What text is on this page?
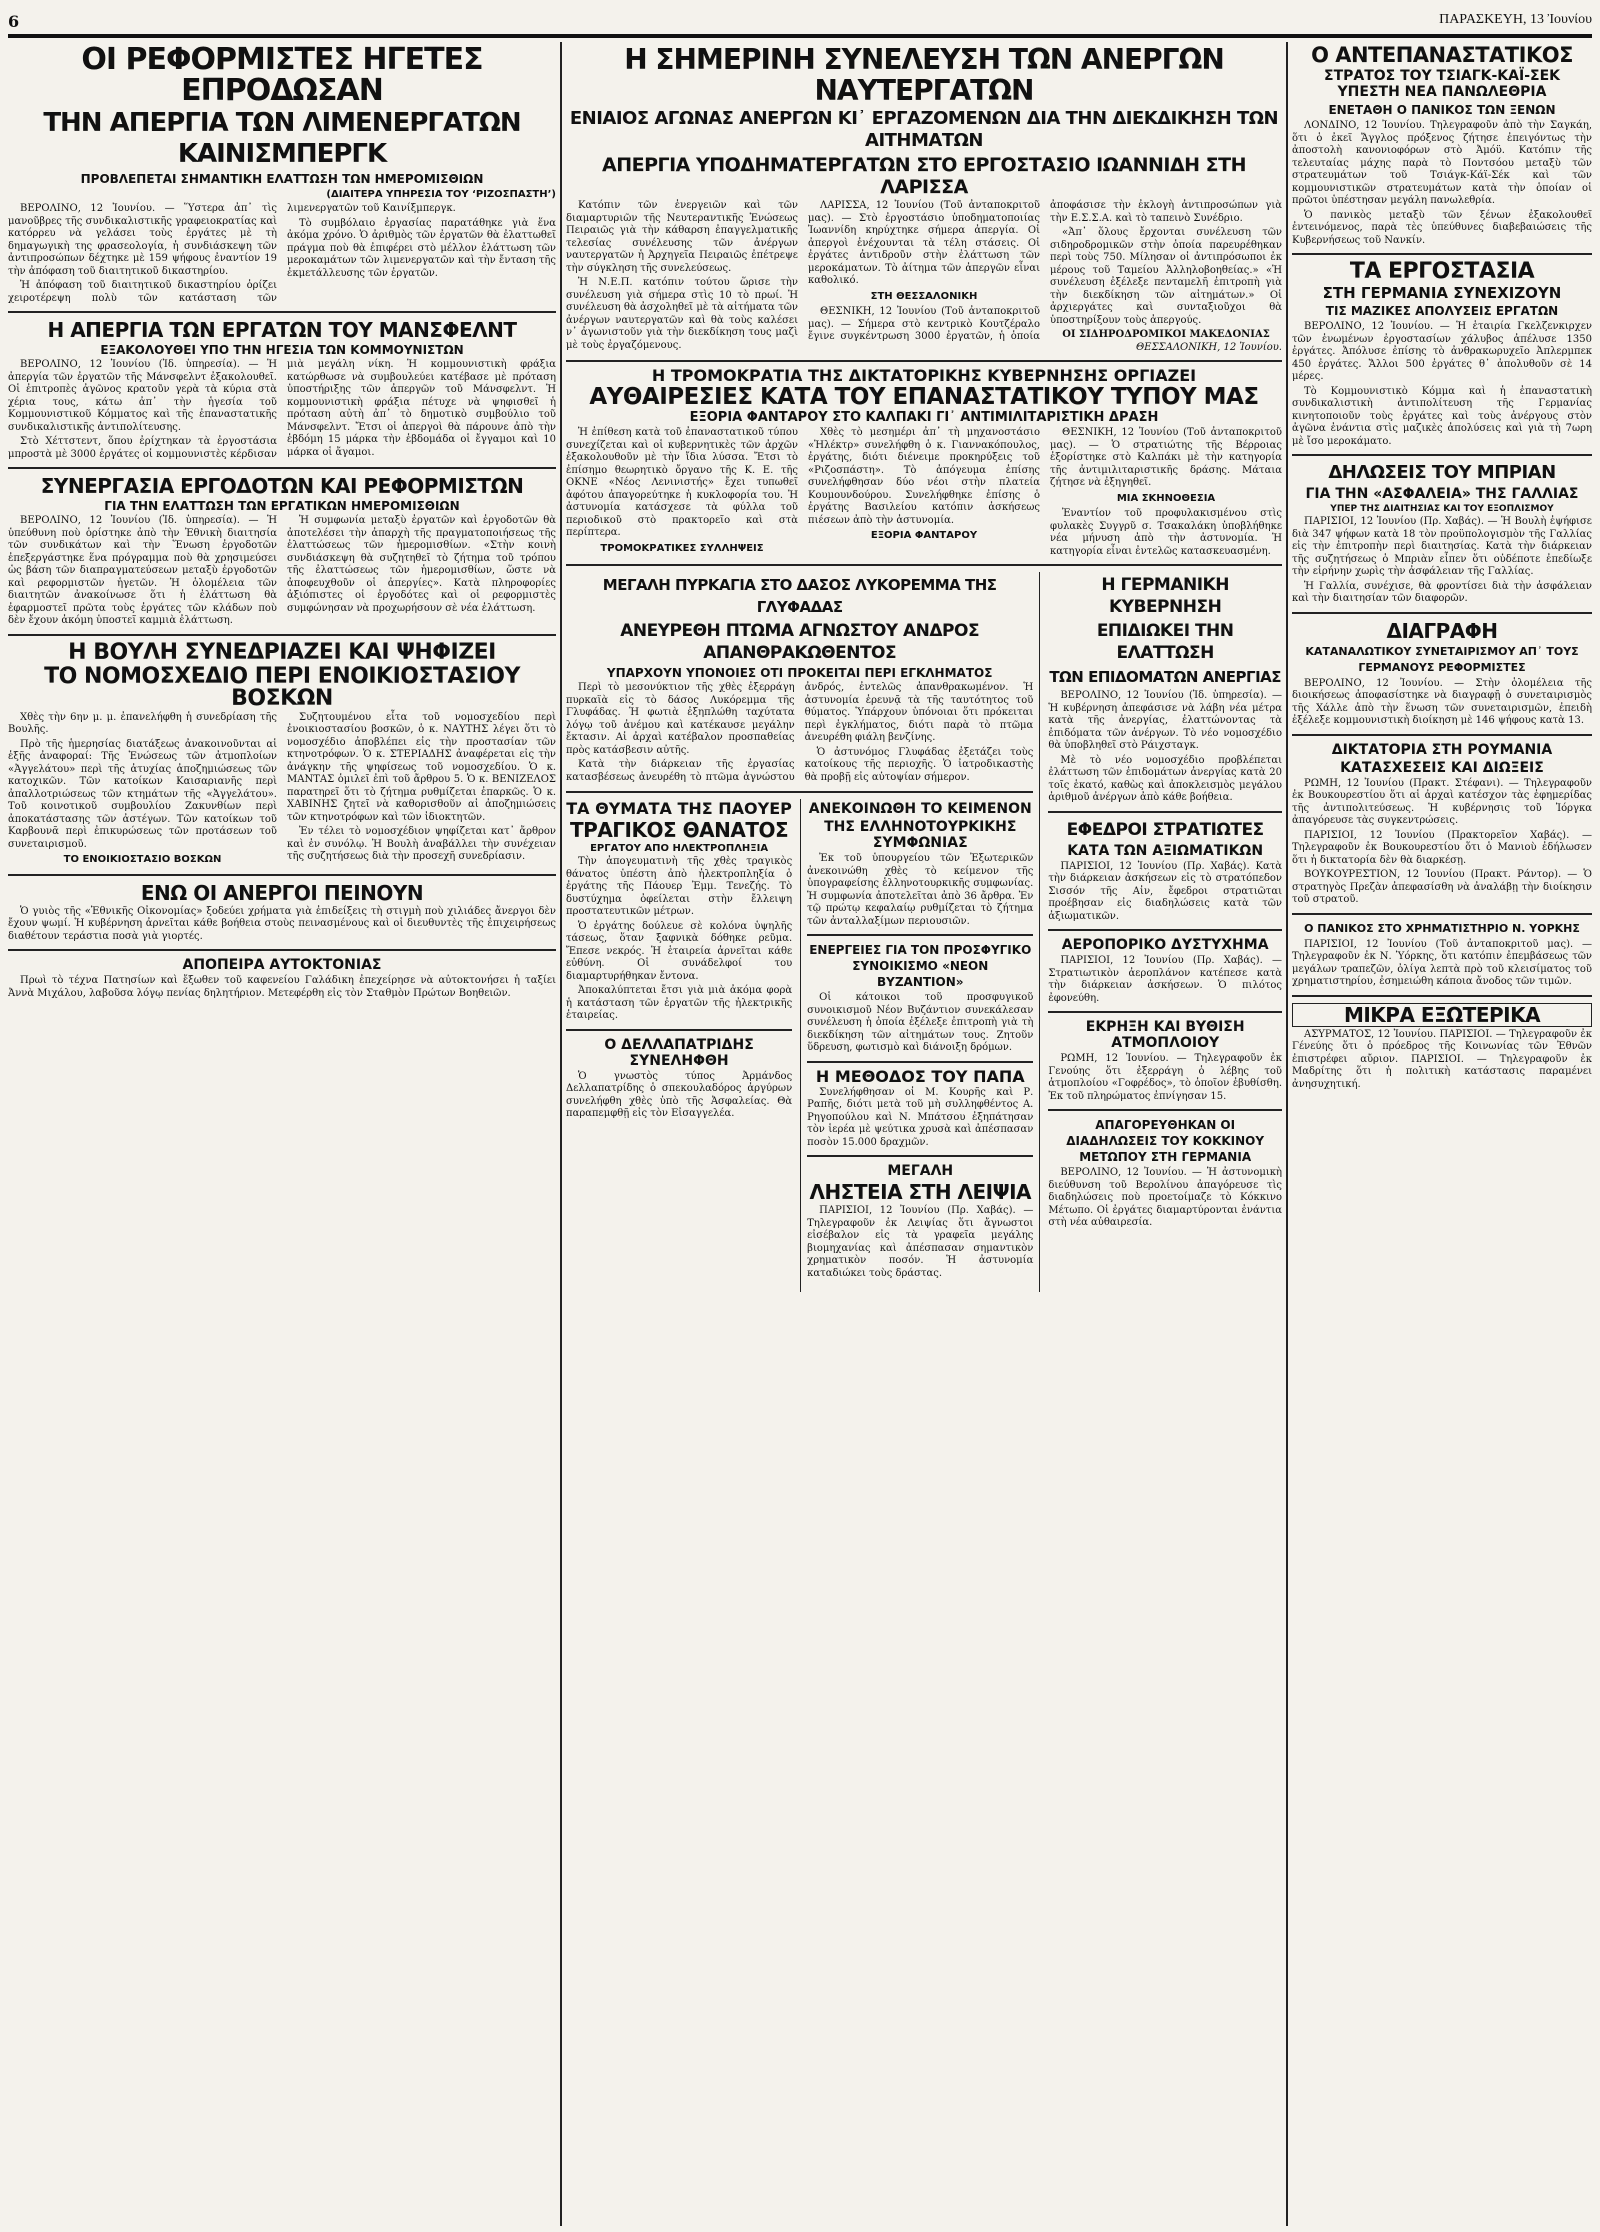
6	ΠΑΡΑΣΚΕΥΗ, 13 Ἰουνίου
ΟΙ ΡΕΦΟΡΜΙΣΤΕΣ ΗΓΕΤΕΣ ΕΠΡΟΔΩΣΑΝ
ΤΗΝ ΑΠΕΡΓΙΑ ΤΩΝ ΛΙΜΕΝΕΡΓΑΤΩΝ ΚΑΙΝΙΣΜΠΕΡΓΚ
ΠΡΟΒΛΕΠΕΤΑΙ ΣΗΜΑΝΤΙΚΗ ΕΛΑΤΤΩΣΗ ΤΩΝ ΗΜΕΡΟΜΙΣΘΙΩΝ
(ΔΙΑΙΤΕΡΑ ΥΠΗΡΕΣΙΑ ΤΟΥ ‘ΡΙΖΟΣΠΑΣΤΗ’)

ΒΕΡΟΛΙΝΟ, 12 Ἰουνίου. — Ὕστερα ἀπ᾽ τὶς μανοῦβρες τῆς συνδικαλιστικῆς γραφειοκρατίας καὶ κατόρρευ νὰ γελάσει τοὺς ἐργάτες μὲ τὴ δημαγωγικὴ της φρασεολογία, ἡ συνδιάσκεψη τῶν ἀντιπροσώπων δέχτηκε μὲ 159 ψήφους ἐναντίον 19 τὴν ἀπόφαση τοῦ διαιτητικοῦ δικαστηρίου.

Ἡ ἀπόφαση τοῦ διαιτητικοῦ δικαστηρίου ὁρίζει χειροτέρεψη πολὺ τῶν κατάσταση τῶν λιμενεργατῶν τοῦ Καινίξμπεργκ.

Τὸ συμβόλαιο ἐργασίας παρατάθηκε γιὰ ἕνα ἀκόμα χρόνο. Ὁ ἀριθμὸς τῶν ἐργατῶν θὰ ἐλαττωθεῖ πράγμα ποὺ θὰ ἐπιφέρει στὸ μέλλον ἐλάττωση τῶν μεροκαμάτων τῶν λιμενεργατῶν καὶ τὴν ἔνταση τῆς ἐκμετάλλευσης τῶν ἐργατῶν.

Η ΑΠΕΡΓΙΑ ΤΩΝ ΕΡΓΑΤΩΝ ΤΟΥ ΜΑΝΣΦΕΛΝΤ
ΕΞΑΚΟΛΟΥΘΕΙ ΥΠΟ ΤΗΝ ΗΓΕΣΙΑ ΤΩΝ ΚΟΜΜΟΥΝΙΣΤΩΝ

ΒΕΡΟΛΙΝΟ, 12 Ἰουνίου (Ἰδ. ὑπηρεσία). — Ἡ ἀπεργία τῶν ἐργατῶν τῆς Μάνσφελντ ἐξακολουθεῖ. Οἱ ἐπιτροπὲς ἀγῶνος κρατοῦν γερὰ τὰ κύρια στὰ χέρια τους, κάτω ἀπ᾽ τὴν ἡγεσία τοῦ Κομμουνιστικοῦ Κόμματος καὶ τῆς ἐπαναστατικῆς συνδικαλιστικῆς ἀντιπολίτευσης.

Στὸ Χέττστεντ, ὅπου ἐρίχτηκαν τὰ ἐργοστάσια μπροστὰ μὲ 3000 ἐργάτες οἱ κομμουνιστὲς κέρδισαν μιὰ μεγάλη νίκη. Ἡ κομμουνιστικὴ φράξια κατώρθωσε νὰ συμβουλεύει κατέβασε μὲ πρόταση ὑποστήριξης τῶν ἀπεργῶν τοῦ Μάνσφελντ. Ἡ κομμουνιστικὴ φράξια πέτυχε νὰ ψηφισθεῖ ἡ πρόταση αὐτὴ ἀπ᾽ τὸ δημοτικὸ συμβούλιο τοῦ Μάνσφελντ. Ἔτσι οἱ ἀπεργοὶ θὰ πάρουνε ἀπὸ τὴν ἑβδόμη 15 μάρκα τὴν ἑβδομάδα οἱ ἔγγαμοι καὶ 10 μάρκα οἱ ἄγαμοι.

ΣΥΝΕΡΓΑΣΙΑ ΕΡΓΟΔΟΤΩΝ ΚΑΙ ΡΕΦΟΡΜΙΣΤΩΝ
ΓΙΑ ΤΗΝ ΕΛΑΤΤΩΣΗ ΤΩΝ ΕΡΓΑΤΙΚΩΝ ΗΜΕΡΟΜΙΣΘΙΩΝ

ΒΕΡΟΛΙΝΟ, 12 Ἰουνίου (Ἰδ. ὑπηρεσία). — Ἡ ὑπεύθυνη ποὺ ὁρίστηκε ἀπὸ τὴν Ἐθνικὴ διαιτησία τῶν συνδικάτων καὶ τὴν Ἕνωση ἐργοδοτῶν ἐπεξεργάστηκε ἕνα πρόγραμμα ποὺ θὰ χρησιμεύσει ὡς βάση τῶν διαπραγματεύσεων μεταξὺ ἐργοδοτῶν καὶ ρεφορμιστῶν ἡγετῶν. Ἡ ὁλομέλεια τῶν διαιτητῶν ἀνακοίνωσε ὅτι ἡ ἐλάττωση θὰ ἐφαρμοστεῖ πρῶτα τοὺς ἐργάτες τῶν κλάδων ποὺ δὲν ἔχουν ἀκόμη ὑποστεῖ καμμιὰ ἐλάττωση.

Ἡ συμφωνία μεταξὺ ἐργατῶν καὶ ἐργοδοτῶν θὰ ἀποτελέσει τὴν ἀπαρχὴ τῆς πραγματοποιήσεως τῆς ἐλαττώσεως τῶν ἡμερομισθίων. «Στὴν κοινὴ συνδιάσκεψη θὰ συζητηθεῖ τὸ ζήτημα τοῦ τρόπου τῆς ἐλαττώσεως τῶν ἡμερομισθίων, ὥστε νὰ ἀποφευχθοῦν οἱ ἀπεργίες». Κατὰ πληροφορίες ἀξιόπιστες οἱ ἐργοδότες καὶ οἱ ρεφορμιστὲς συμφώνησαν νὰ προχωρήσουν σὲ νέα ἐλάττωση.

Η ΒΟΥΛΗ ΣΥΝΕΔΡΙΑΖΕΙ ΚΑΙ ΨΗΦΙΖΕΙ
ΤΟ ΝΟΜΟΣΧΕΔΙΟ ΠΕΡΙ ΕΝΟΙΚΙΟΣΤΑΣΙΟΥ ΒΟΣΚΩΝ

Χθὲς τὴν 6ην μ. μ. ἐπανελήφθη ἡ συνεδρίαση τῆς Βουλῆς.

Πρὸ τῆς ἡμερησίας διατάξεως ἀνακοινοῦνται αἱ ἑξῆς ἀναφοραί: Τῆς Ἑνώσεως τῶν ἀτμοπλοίων «Ἀγγελάτου» περὶ τῆς ἀτυχίας ἀποζημιώσεως τῶν κατοχικῶν. Τῶν κατοίκων Καισαριανῆς περὶ ἀπαλλοτριώσεως τῶν κτημάτων τῆς «Ἀγγελάτου». Τοῦ κοινοτικοῦ συμβουλίου Ζακυνθίων περὶ ἀποκατάστασης τῶν ἀστέγων. Τῶν κατοίκων τοῦ Καρβουνᾶ περὶ ἐπικυρώσεως τῶν προτάσεων τοῦ συνεταιρισμοῦ.

ΤΟ ΕΝΟΙΚΙΟΣΤΑΣΙΟ ΒΟΣΚΩΝ

Συζητουμένου εἶτα τοῦ νομοσχεδίου περὶ ἐνοικιοστασίου βοσκῶν, ὁ κ. ΝΑΥΤΗΣ λέγει ὅτι τὸ νομοσχέδιο ἀποβλέπει εἰς τὴν προστασίαν τῶν κτηνοτρόφων. Ὁ κ. ΣΤΕΡΙΑΔΗΣ ἀναφέρεται εἰς τὴν ἀνάγκην τῆς ψηφίσεως τοῦ νομοσχεδίου. Ὁ κ. ΜΑΝΤΑΣ ὁμιλεῖ ἐπὶ τοῦ ἄρθρου 5. Ὁ κ. ΒΕΝΙΖΕΛΟΣ παρατηρεῖ ὅτι τὸ ζήτημα ρυθμίζεται ἐπαρκῶς. Ὁ κ. ΧΑΒΙΝΗΣ ζητεῖ νὰ καθορισθοῦν αἱ ἀποζημιώσεις τῶν κτηνοτρόφων καὶ τῶν ἰδιοκτητῶν.

Ἐν τέλει τὸ νομοσχέδιον ψηφίζεται κατ᾽ ἄρθρον καὶ ἐν συνόλῳ. Ἡ Βουλὴ ἀναβάλλει τὴν συνέχειαν τῆς συζητήσεως διὰ τὴν προσεχῆ συνεδρίασιν.

ΕΝΩ ΟΙ ΑΝΕΡΓΟΙ ΠΕΙΝΟΥΝ

Ὁ γυιὸς τῆς «Ἐθνικῆς Οἰκονομίας» ξοδεύει χρήματα γιὰ ἐπιδείξεις τὴ στιγμὴ ποὺ χιλιάδες ἄνεργοι δὲν ἔχουν ψωμί. Ἡ κυβέρνηση ἀρνεῖται κάθε βοήθεια στοὺς πεινασμένους καὶ οἱ διευθυντὲς τῆς ἐπιχειρήσεως διαθέτουν τεράστια ποσὰ γιὰ γιορτές.

ΑΠΟΠΕΙΡΑ ΑΥΤΟΚΤΟΝΙΑΣ

Πρωὶ τὸ τέχνα Πατησίων καὶ ἔξωθεν τοῦ καφενείου Γαλάδικη ἐπεχείρησε νὰ αὐτοκτονήσει ἡ ταξίει Ἀννὰ Μιχάλου, λαβοῦσα λόγῳ πενίας δηλητήριον. Μετεφέρθη εἰς τὸν Σταθμὸν Πρώτων Βοηθειῶν.

Η ΣΗΜΕΡΙΝΗ ΣΥΝΕΛΕΥΣΗ ΤΩΝ ΑΝΕΡΓΩΝ ΝΑΥΤΕΡΓΑΤΩΝ
ΕΝΙΑΙΟΣ ΑΓΩΝΑΣ ΑΝΕΡΓΩΝ ΚΙ᾽ ΕΡΓΑΖΟΜΕΝΩΝ ΔΙΑ ΤΗΝ ΔΙΕΚΔΙΚΗΣΗ ΤΩΝ ΑΙΤΗΜΑΤΩΝ
ΑΠΕΡΓΙΑ ΥΠΟΔΗΜΑΤΕΡΓΑΤΩΝ ΣΤΟ ΕΡΓΟΣΤΑΣΙΟ ΙΩΑΝΝΙΔΗ ΣΤΗ ΛΑΡΙΣΣΑ

Κατόπιν τῶν ἐνεργειῶν καὶ τῶν διαμαρτυριῶν τῆς Νευτεραντικῆς Ἑνώσεως Πειραιῶς γιὰ τὴν κάθαρση ἐπαγγελματικῆς τελεσίας συνέλευσης τῶν ἀνέργων ναυτεργατῶν ἡ Ἀρχηγεῖα Πειραιῶς ἐπέτρεψε τὴν σύγκληση τῆς συνελεύσεως.

Ἡ Ν.Ε.Π. κατόπιν τούτου ὥρισε τὴν συνέλευση γιὰ σήμερα στὶς 10 τὸ πρωί. Ἡ συνέλευση θὰ ἀσχοληθεῖ μὲ τὰ αἰτήματα τῶν ἀνέργων ναυτεργατῶν καὶ θὰ τοὺς καλέσει ν᾽ ἀγωνιστοῦν γιὰ τὴν διεκδίκηση τους μαζὶ μὲ τοὺς ἐργαζόμενους.

ΛΑΡΙΣΣΑ, 12 Ἰουνίου (Τοῦ ἀνταποκριτοῦ μας). — Στὸ ἐργοστάσιο ὑποδηματοποιίας Ἰωαννίδη κηρύχτηκε σήμερα ἀπεργία. Οἱ ἀπεργοὶ ἐνέχουνται τὰ τέλη στάσεις. Οἱ ἐργάτες ἀντιδροῦν στὴν ἐλάττωση τῶν μεροκάματων. Τὸ ἀίτημα τῶν ἀπεργῶν εἶναι καθολικό.

ΣΤΗ ΘΕΣΣΑΛΟΝΙΚΗ

ΘΕΣΝΙΚΗ, 12 Ἰουνίου (Τοῦ ἀνταποκριτοῦ μας). — Σήμερα στὸ κεντρικὸ Κουτζέραλο ἔγινε συγκέντρωση 3000 ἐργατῶν, ἡ ὁποία ἀποφάσισε τὴν ἐκλογὴ ἀντιπροσώπων γιὰ τὴν Ε.Σ.Σ.Α. καὶ τὸ ταπεινὸ Συνέδριο.

«Ἀπ᾽ ὅλους ἔρχονται συνέλευση τῶν σιδηροδρομικῶν στὴν ὁποία παρευρέθηκαν περὶ τοὺς 750. Μίλησαν οἱ ἀντιπρόσωποι ἐκ μέρους τοῦ Ταμείου Ἀλληλοβοηθείας.» «Ἡ συνέλευση ἐξέλεξε πενταμελῆ ἐπιτροπὴ γιὰ τὴν διεκδίκηση τῶν αἰτημάτων.» Οἱ ἀρχιεργάτες καὶ συνταξιοῦχοι θὰ ὑποστηρίξουν τοὺς ἀπεργούς.

ΟΙ ΣΙΔΗΡΟΔΡΟΜΙΚΟΙ ΜΑΚΕΔΟΝΙΑΣ
ΘΕΣΣΑΛΟΝΙΚΗ, 12 Ἰουνίου.
Η ΤΡΟΜΟΚΡΑΤΙΑ ΤΗΣ ΔΙΚΤΑΤΟΡΙΚΗΣ ΚΥΒΕΡΝΗΣΗΣ ΟΡΓΙΑΖΕΙ
ΑΥΘΑΙΡΕΣΙΕΣ ΚΑΤΑ ΤΟΥ ΕΠΑΝΑΣΤΑΤΙΚΟΥ ΤΥΠΟΥ ΜΑΣ
ΕΞΟΡΙΑ ΦΑΝΤΑΡΟΥ ΣΤΟ ΚΑΛΠΑΚΙ ΓΙ᾽ ΑΝΤΙΜΙΛΙΤΑΡΙΣΤΙΚΗ ΔΡΑΣΗ

Ἡ ἐπίθεση κατὰ τοῦ ἐπαναστατικοῦ τύπου συνεχίζεται καὶ οἱ κυβερνητικὲς τῶν ἀρχῶν ἐξακολουθοῦν μὲ τὴν ἴδια λύσσα. Ἔτσι τὸ ἐπίσημο θεωρητικὸ ὄργανο τῆς Κ. Ε. τῆς ΟΚΝΕ «Νέος Λενινιστής» ἔχει τυπωθεῖ ἀφότου ἀπαγορεύτηκε ἡ κυκλοφορία του. Ἡ ἀστυνομία κατάσχεσε τὰ φύλλα τοῦ περιοδικοῦ στὸ πρακτορεῖο καὶ στὰ περίπτερα.

ΤΡΟΜΟΚΡΑΤΙΚΕΣ ΣΥΛΛΗΨΕΙΣ

Χθὲς τὸ μεσημέρι ἀπ᾽ τὴ μηχανοστάσιο «Ἡλέκτρ» συνελήφθη ὁ κ. Γιαννακόπουλος, ἐργάτης, διότι διένειμε προκηρύξεις τοῦ «Ριζοσπάστη». Τὸ ἀπόγευμα ἐπίσης συνελήφθησαν δύο νέοι στὴν πλατεία Κουμουνδούρου. Συνελήφθηκε ἐπίσης ὁ ἐργάτης Βασιλείου κατόπιν ἀσκήσεως πιέσεων ἀπὸ τὴν ἀστυνομία.

ΕΞΟΡΙΑ ΦΑΝΤΑΡΟΥ

ΘΕΣΝΙΚΗ, 12 Ἰουνίου (Τοῦ ἀνταποκριτοῦ μας). — Ὁ στρατιώτης τῆς Βέρροιας ἐξορίστηκε στὸ Καλπάκι μὲ τὴν κατηγορία τῆς ἀντιμιλιταριστικῆς δράσης. Μάταια ζήτησε νὰ ἐξηγηθεῖ.

ΜΙΑ ΣΚΗΝΟΘΕΣΙΑ

Ἐναντίον τοῦ προφυλακισμένου στὶς φυλακὲς Συγγρῦ σ. Τσακαλάκη ὑποβλήθηκε νέα μήνυση ἀπὸ τὴν ἀστυνομία. Ἡ κατηγορία εἶναι ἐντελῶς κατασκευασμένη.

ΜΕΓΑΛΗ ΠΥΡΚΑΓΙΑ ΣΤΟ ΔΑΣΟΣ ΛΥΚΟΡΕΜΜΑ ΤΗΣ ΓΛΥΦΑΔΑΣ
ΑΝΕΥΡΕΘΗ ΠΤΩΜΑ ΑΓΝΩΣΤΟΥ ΑΝΔΡΟΣ ΑΠΑΝΘΡΑΚΩΘΕΝΤΟΣ
ΥΠΑΡΧΟΥΝ ΥΠΟΝΟΙΕΣ ΟΤΙ ΠΡΟΚΕΙΤΑΙ ΠΕΡΙ ΕΓΚΛΗΜΑΤΟΣ

Περὶ τὸ μεσονύκτιον τῆς χθὲς ἐξερράγη πυρκαϊὰ εἰς τὸ δάσος Λυκόρεμμα τῆς Γλυφάδας. Ἡ φωτιὰ ἐξηπλώθη ταχύτατα λόγῳ τοῦ ἀνέμου καὶ κατέκαυσε μεγάλην ἔκτασιν. Αἱ ἀρχαὶ κατέβαλον προσπαθείας πρὸς κατάσβεσιν αὐτῆς.

Κατὰ τὴν διάρκειαν τῆς ἐργασίας κατασβέσεως ἀνευρέθη τὸ πτῶμα ἀγνώστου ἀνδρός, ἐντελῶς ἀπανθρακωμένον. Ἡ ἀστυνομία ἐρευνᾷ τὰ τῆς ταυτότητος τοῦ θύματος. Ὑπάρχουν ὑπόνοιαι ὅτι πρόκειται περὶ ἐγκλήματος, διότι παρὰ τὸ πτῶμα ἀνευρέθη φιάλη βενζίνης.

Ὁ ἀστυνόμος Γλυφάδας ἐξετάζει τοὺς κατοίκους τῆς περιοχῆς. Ὁ ἰατροδικαστὴς θὰ προβῇ εἰς αὐτοψίαν σήμερον.

ΤΑ ΘΥΜΑΤΑ ΤΗΣ ΠΑΟΥΕΡ
ΤΡΑΓΙΚΟΣ ΘΑΝΑΤΟΣ
ΕΡΓΑΤΟΥ ΑΠΟ ΗΛΕΚΤΡΟΠΛΗΞΙΑ

Τὴν ἀπογευματινὴ τῆς χθὲς τραγικὸς θάνατος ὑπέστη ἀπὸ ἠλεκτροπληξία ὁ ἐργάτης τῆς Πάουερ Ἐμμ. Τενεζής. Τὸ δυστύχημα ὀφείλεται στὴν ἔλλειψη προστατευτικῶν μέτρων.

Ὁ ἐργάτης δούλευε σὲ κολόνα ὑψηλῆς τάσεως, ὅταν ξαφνικὰ δόθηκε ρεῦμα. Ἔπεσε νεκρός. Ἡ ἑταιρεία ἀρνεῖται κάθε εὐθύνη. Οἱ συνάδελφοί του διαμαρτυρήθηκαν ἔντονα.

Ἀποκαλύπτεται ἔτσι γιὰ μιὰ ἀκόμα φορὰ ἡ κατάσταση τῶν ἐργατῶν τῆς ἠλεκτρικῆς ἑταιρείας.

Ο ΔΕΛΛΑΠΑΤΡΙΔΗΣ ΣΥΝΕΛΗΦΘΗ

Ὁ γνωστὸς τύπος Ἀρμάνδος Δελλαπατρίδης ὁ σπεκουλαδόρος ἀργύρων συνελήφθη χθὲς ὑπὸ τῆς Ἀσφαλείας. Θὰ παραπεμφθῇ εἰς τὸν Εἰσαγγελέα.

ΑΝΕΚΟΙΝΩΘΗ ΤΟ ΚΕΙΜΕΝΟΝ
ΤΗΣ ΕΛΛΗΝΟΤΟΥΡΚΙΚΗΣ ΣΥΜΦΩΝΙΑΣ

Ἐκ τοῦ ὑπουργείου τῶν Ἐξωτερικῶν ἀνεκοινώθη χθὲς τὸ κείμενον τῆς ὑπογραφείσης ἑλληνοτουρκικῆς συμφωνίας. Ἡ συμφωνία ἀποτελεῖται ἀπὸ 36 ἄρθρα. Ἐν τῷ πρώτῳ κεφαλαίῳ ρυθμίζεται τὸ ζήτημα τῶν ἀνταλλαξίμων περιουσιῶν.

ΕΝΕΡΓΕΙΕΣ ΓΙΑ ΤΟΝ ΠΡΟΣΦΥΓΙΚΟ ΣΥΝΟΙΚΙΣΜΟ «ΝΕΟΝ ΒΥΖΑΝΤΙΟΝ»

Οἱ κάτοικοι τοῦ προσφυγικοῦ συνοικισμοῦ Νέον Βυζάντιον συνεκάλεσαν συνέλευση ἡ ὁποία ἐξέλεξε ἐπιτροπὴ γιὰ τὴ διεκδίκηση τῶν αἰτημάτων τους. Ζητοῦν ὕδρευση, φωτισμὸ καὶ διάνοιξη δρόμων.

Η ΜΕΘΟΔΟΣ ΤΟΥ ΠΑΠΑ

Συνελήφθησαν οἱ Μ. Κουρῆς καὶ Ρ. Ραπῆς, διότι μετὰ τοῦ μὴ συλληφθέντος Α. Ρηγοπούλου καὶ Ν. Μπάτσου ἐξηπάτησαν τὸν ἱερέα μὲ ψεύτικα χρυσὰ καὶ ἀπέσπασαν ποσὸν 15.000 δραχμῶν.

ΜΕΓΑΛΗ
ΛΗΣΤΕΙΑ ΣΤΗ ΛΕΙΨΙΑ

ΠΑΡΙΣΙΟΙ, 12 Ἰουνίου (Πρ. Χαβάς). — Τηλεγραφοῦν ἐκ Λειψίας ὅτι ἄγνωστοι εἰσέβαλον εἰς τὰ γραφεῖα μεγάλης βιομηχανίας καὶ ἀπέσπασαν σημαντικὸν χρηματικὸν ποσόν. Ἡ ἀστυνομία καταδιώκει τοὺς δράστας.

Η ΓΕΡΜΑΝΙΚΗ ΚΥΒΕΡΝΗΣΗ
ΕΠΙΔΙΩΚΕΙ ΤΗΝ ΕΛΑΤΤΩΣΗ
ΤΩΝ ΕΠΙΔΟΜΑΤΩΝ ΑΝΕΡΓΙΑΣ

ΒΕΡΟΛΙΝΟ, 12 Ἰουνίου (Ἰδ. ὑπηρεσία). — Ἡ κυβέρνηση ἀπεφάσισε νὰ λάβη νέα μέτρα κατὰ τῆς ἀνεργίας, ἐλαττώνοντας τὰ ἐπιδόματα τῶν ἀνέργων. Τὸ νέο νομοσχέδιο θὰ ὑποβληθεῖ στὸ Ράιχσταγκ.

Μὲ τὸ νέο νομοσχέδιο προβλέπεται ἐλάττωση τῶν ἐπιδομάτων ἀνεργίας κατὰ 20 τοῖς ἑκατό, καθὼς καὶ ἀποκλεισμὸς μεγάλου ἀριθμοῦ ἀνέργων ἀπὸ κάθε βοήθεια.

ΕΦΕΔΡΟΙ ΣΤΡΑΤΙΩΤΕΣ
ΚΑΤΑ ΤΩΝ ΑΞΙΩΜΑΤΙΚΩΝ

ΠΑΡΙΣΙΟΙ, 12 Ἰουνίου (Πρ. Χαβάς). Κατὰ τὴν διάρκειαν ἀσκήσεων εἰς τὸ στρατόπεδον Σισσόν τῆς Αἰν, ἔφεδροι στρατιῶται προέβησαν εἰς διαδηλώσεις κατὰ τῶν ἀξιωματικῶν.

ΑΕΡΟΠΟΡΙΚΟ ΔΥΣΤΥΧΗΜΑ

ΠΑΡΙΣΙΟΙ, 12 Ἰουνίου (Πρ. Χαβάς). — Στρατιωτικὸν ἀεροπλάνον κατέπεσε κατὰ τὴν διάρκειαν ἀσκήσεων. Ὁ πιλότος ἐφονεύθη.

ΕΚΡΗΞΗ ΚΑΙ ΒΥΘΙΣΗ ΑΤΜΟΠΛΟΙΟΥ

ΡΩΜΗ, 12 Ἰουνίου. — Τηλεγραφοῦν ἐκ Γενούης ὅτι ἐξερράγη ὁ λέβης τοῦ ἀτμοπλοίου «Γοφρέδος», τὸ ὁποῖον ἐβυθίσθη. Ἐκ τοῦ πληρώματος ἐπνίγησαν 15.

ΑΠΑΓΟΡΕΥΘΗΚΑΝ ΟΙ ΔΙΑΔΗΛΩΣΕΙΣ ΤΟΥ ΚΟΚΚΙΝΟΥ ΜΕΤΩΠΟΥ ΣΤΗ ΓΕΡΜΑΝΙΑ

ΒΕΡΟΛΙΝΟ, 12 Ἰουνίου. — Ἡ ἀστυνομικὴ διεύθυνση τοῦ Βερολίνου ἀπαγόρευσε τὶς διαδηλώσεις ποὺ προετοίμαζε τὸ Κόκκινο Μέτωπο. Οἱ ἐργάτες διαμαρτύρονται ἐνάντια στὴ νέα αὐθαιρεσία.

Ο ΑΝΤΕΠΑΝΑΣΤΑΤΙΚΟΣ
ΣΤΡΑΤΟΣ ΤΟΥ ΤΣΙΑΓΚ-ΚΑΪ-ΣΕΚ ΥΠΕΣΤΗ ΝΕΑ ΠΑΝΩΛΕΘΡΙΑ
ΕΝΕΤΑΘΗ Ο ΠΑΝΙΚΟΣ ΤΩΝ ΞΕΝΩΝ

ΛΟΝΔΙΝΟ, 12 Ἰουνίου. Τηλεγραφοῦν ἀπὸ τὴν Σαγκάη, ὅτι ὁ ἐκεῖ Ἄγγλος πρόξενος ζήτησε ἐπειγόντως τὴν ἀποστολὴ κανονιοφόρων στὸ Ἀμόϋ. Κατόπιν τῆς τελευταίας μάχης παρὰ τὸ Ποντσόου μεταξὺ τῶν στρατευμάτων τοῦ Τσιάγκ-Κάϊ-Σέκ καὶ τῶν κομμουνιστικῶν στρατευμάτων κατὰ τὴν ὁποίαν οἱ πρῶτοι ὑπέστησαν μεγάλη πανωλεθρία.

Ὁ πανικὸς μεταξὺ τῶν ξένων ἐξακολουθεῖ ἐντεινόμενος, παρὰ τὲς ὑπεύθυνες διαβεβαιώσεις τῆς Κυβερνήσεως τοῦ Νανκίν.

ΤΑ ΕΡΓΟΣΤΑΣΙΑ
ΣΤΗ ΓΕΡΜΑΝΙΑ ΣΥΝΕΧΙΖΟΥΝ
ΤΙΣ ΜΑΖΙΚΕΣ ΑΠΟΛΥΣΕΙΣ ΕΡΓΑΤΩΝ

ΒΕΡΟΛΙΝΟ, 12 Ἰουνίου. — Ἡ ἑταιρία Γκελζενκιρχεν τῶν ἑνωμένων ἐργοστασίων χάλυβος ἀπέλυσε 1350 ἐργάτες. Ἀπόλυσε ἐπίσης τὸ ἀνθρακωρυχεῖο Ἀπλερμπεκ 450 ἐργάτες. Ἄλλοι 500 ἐργάτες θ᾽ ἀπολυθοῦν σὲ 14 μέρες.

Τὸ Κομμουνιστικὸ Κόμμα καὶ ἡ ἐπαναστατικὴ συνδικαλιστικὴ ἀντιπολίτευση τῆς Γερμανίας κινητοποιοῦν τοὺς ἐργάτες καὶ τοὺς ἀνέργους στὸν ἀγῶνα ἐνάντια στὶς μαζικὲς ἀπολύσεις καὶ γιὰ τὴ 7ωρη μὲ ἴσο μεροκάματο.

ΔΗΛΩΣΕΙΣ ΤΟΥ ΜΠΡΙΑΝ
ΓΙΑ ΤΗΝ «ΑΣΦΑΛΕΙΑ» ΤΗΣ ΓΑΛΛΙΑΣ
ΥΠΕΡ ΤΗΣ ΔΙΑΙΤΗΣΙΑΣ ΚΑΙ ΤΟΥ ΕΞΟΠΛΙΣΜΟΥ

ΠΑΡΙΣΙΟΙ, 12 Ἰουνίου (Πρ. Χαβάς). — Ἡ Βουλὴ ἐψήφισε διὰ 347 ψήφων κατὰ 18 τὸν προϋπολογισμὸν τῆς Γαλλίας εἰς τὴν ἐπιτροπὴν περὶ διαιτησίας. Κατὰ τὴν διάρκειαν τῆς συζητήσεως ὁ Μπριὰν εἶπεν ὅτι οὐδέποτε ἐπεδίωξε τὴν εἰρήνην χωρὶς τὴν ἀσφάλειαν τῆς Γαλλίας.

Ἡ Γαλλία, συνέχισε, θὰ φροντίσει διὰ τὴν ἀσφάλειαν καὶ τὴν διαιτησίαν τῶν διαφορῶν.

ΔΙΑΓΡΑΦΗ
ΚΑΤΑΝΑΛΩΤΙΚΟΥ ΣΥΝΕΤΑΙΡΙΣΜΟΥ ΑΠ᾽ ΤΟΥΣ ΓΕΡΜΑΝΟΥΣ ΡΕΦΟΡΜΙΣΤΕΣ

ΒΕΡΟΛΙΝΟ, 12 Ἰουνίου. — Στὴν ὁλομέλεια τῆς διοικήσεως ἀποφασίστηκε νὰ διαγραφῇ ὁ συνεταιρισμὸς τῆς Χάλλε ἀπὸ τὴν ἕνωση τῶν συνεταιρισμῶν, ἐπειδὴ ἐξέλεξε κομμουνιστικὴ διοίκηση μὲ 146 ψήφους κατὰ 13.

ΔΙΚΤΑΤΟΡΙΑ ΣΤΗ ΡΟΥΜΑΝΙΑ
ΚΑΤΑΣΧΕΣΕΙΣ ΚΑΙ ΔΙΩΞΕΙΣ

ΡΩΜΗ, 12 Ἰουνίου (Πρακτ. Στέφανι). — Τηλεγραφοῦν ἐκ Βουκουρεστίου ὅτι αἱ ἀρχαὶ κατέσχον τὰς ἐφημερίδας τῆς ἀντιπολιτεύσεως. Ἡ κυβέρνησις τοῦ Ἰόργκα ἀπαγόρευσε τὰς συγκεντρώσεις.

ΠΑΡΙΣΙΟΙ, 12 Ἰουνίου (Πρακτορεῖον Χαβάς). — Τηλεγραφοῦν ἐκ Βουκουρεστίου ὅτι ὁ Μανιοὺ ἐδήλωσεν ὅτι ἡ δικτατορία δὲν θὰ διαρκέσῃ.

ΒΟΥΚΟΥΡΕΣΤΙΟΝ, 12 Ἰουνίου (Πρακτ. Ράντορ). — Ὁ στρατηγὸς Πρεζὰν ἀπεφασίσθη νὰ ἀναλάβῃ τὴν διοίκησιν τοῦ στρατοῦ.

Ο ΠΑΝΙΚΟΣ ΣΤΟ ΧΡΗΜΑΤΙΣΤΗΡΙΟ Ν. ΥΟΡΚΗΣ

ΠΑΡΙΣΙΟΙ, 12 Ἰουνίου (Τοῦ ἀνταποκριτοῦ μας). — Τηλεγραφοῦν ἐκ Ν. Ὑόρκης, ὅτι κατόπιν ἐπεμβάσεως τῶν μεγάλων τραπεζῶν, ὀλίγα λεπτὰ πρὸ τοῦ κλεισίματος τοῦ χρηματιστηρίου, ἐσημειώθη κάποια ἄνοδος τῶν τιμῶν.

ΜΙΚΡΑ ΕΞΩΤΕΡΙΚΑ

ΑΣΥΡΜΑΤΟΣ, 12 Ἰουνίου. ΠΑΡΙΣΙΟΙ. — Τηλεγραφοῦν ἐκ Γένεύης ὅτι ὁ πρόεδρος τῆς Κοινωνίας τῶν Ἐθνῶν ἐπιστρέφει αὔριον. ΠΑΡΙΣΙΟΙ. — Τηλεγραφοῦν ἐκ Μαδρίτης ὅτι ἡ πολιτικὴ κατάστασις παραμένει ἀνησυχητική.
